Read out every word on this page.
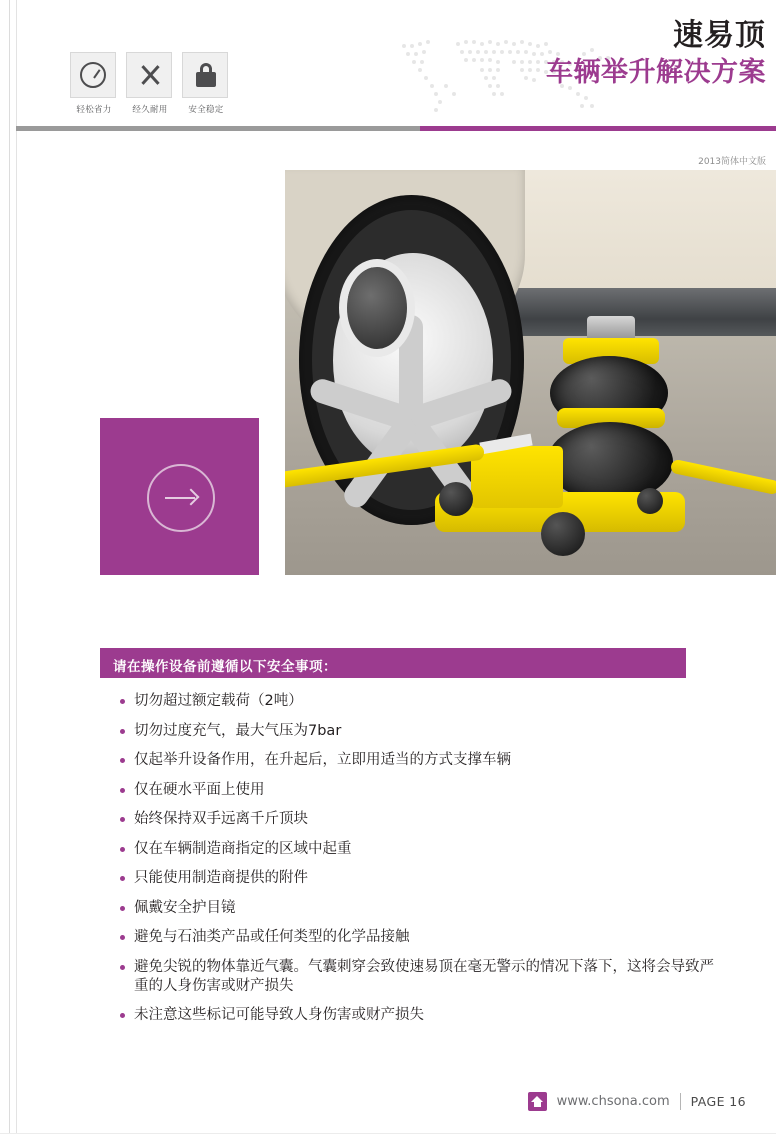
轻松省力	经久耐用	安全稳定
速易顶
车辆举升解决方案
2013简体中文版
请在操作设备前遵循以下安全事项：
切勿超过额定载荷（2吨）
切勿过度充气，最大气压为7bar
仅起举升设备作用，在升起后，立即用适当的方式支撑车辆
仅在硬水平面上使用
始终保持双手远离千斤顶块
仅在车辆制造商指定的区域中起重
只能使用制造商提供的附件
佩戴安全护目镜
避免与石油类产品或任何类型的化学品接触
避免尖锐的物体靠近气囊。气囊刺穿会致使速易顶在毫无警示的情况下落下，这将会导致严重的人身伤害或财产损失
未注意这些标记可能导致人身伤害或财产损失
www.chsona.com PAGE 16
